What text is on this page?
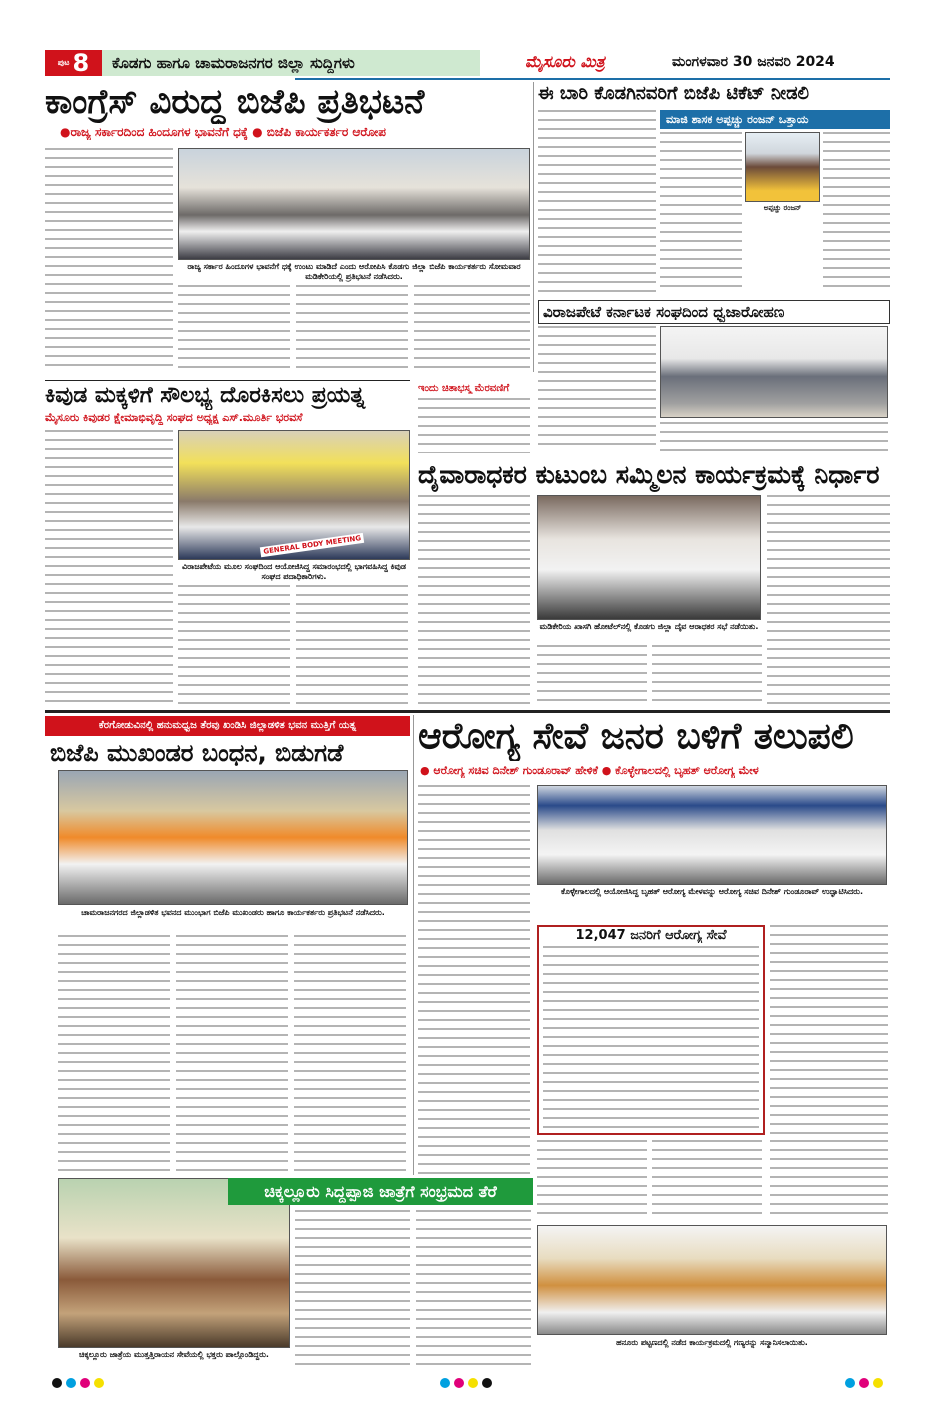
ಪುಟ 8	ಕೊಡಗು ಹಾಗೂ ಚಾಮರಾಜನಗರ ಜಿಲ್ಲಾ ಸುದ್ದಿಗಳು	ಮೈಸೂರು ಮಿತ್ರ	ಮಂಗಳವಾರ 30 ಜನವರಿ 2024
ಕಾಂಗ್ರೆಸ್ ವಿರುದ್ಧ ಬಿಜೆಪಿ ಪ್ರತಿಭಟನೆ
●ರಾಜ್ಯ ಸರ್ಕಾರದಿಂದ ಹಿಂದೂಗಳ ಭಾವನೆಗೆ ಧಕ್ಕೆ ● ಬಿಜೆಪಿ ಕಾರ್ಯಕರ್ತರ ಆರೋಪ
ರಾಜ್ಯ ಸರ್ಕಾರ ಹಿಂದೂಗಳ ಭಾವನೆಗೆ ಧಕ್ಕೆ ಉಂಟು ಮಾಡಿದೆ ಎಂದು ಆರೋಪಿಸಿ ಕೊಡಗು ಜಿಲ್ಲಾ ಬಿಜೆಪಿ ಕಾರ್ಯಕರ್ತರು ಸೋಮವಾರ ಮಡಿಕೇರಿಯಲ್ಲಿ ಪ್ರತಿಭಟನೆ ನಡೆಸಿದರು.
ಈ ಬಾರಿ ಕೊಡಗಿನವರಿಗೆ ಬಿಜೆಪಿ ಟಿಕೆಟ್ ನೀಡಲಿ
ಮಾಜಿ ಶಾಸಕ ಅಪ್ಪಚ್ಚು ರಂಜನ್ ಒತ್ತಾಯ
ಅಪ್ಪಚ್ಚು ರಂಜನ್
ವಿರಾಜಪೇಟೆ ಕರ್ನಾಟಕ ಸಂಘದಿಂದ ಧ್ವಜಾರೋಹಣ
ಕಿವುಡ ಮಕ್ಕಳಿಗೆ ಸೌಲಭ್ಯ ದೊರಕಿಸಲು ಪ್ರಯತ್ನ
ಮೈಸೂರು ಕಿವುಡರ ಕ್ಷೇಮಾಭಿವೃದ್ಧಿ ಸಂಘದ ಅಧ್ಯಕ್ಷ ಎಸ್.ಮೂರ್ತಿ ಭರವಸೆ
GENERAL BODY MEETING
ವಿರಾಜಪೇಟೆಯ ಮೂಲ ಸಂಘದಿಂದ ಆಯೋಜಿಸಿದ್ದ ಸಮಾರಂಭದಲ್ಲಿ ಭಾಗವಹಿಸಿದ್ದ ಕಿವುಡ ಸಂಘದ ಪದಾಧಿಕಾರಿಗಳು.
ಇಂದು ಚಿತಾಭಸ್ಮ ಮೆರವಣಿಗೆ
ದೈವಾರಾಧಕರ ಕುಟುಂಬ ಸಮ್ಮಿಲನ ಕಾರ್ಯಕ್ರಮಕ್ಕೆ ನಿರ್ಧಾರ
ಮಡಿಕೇರಿಯ ಖಾಸಗಿ ಹೋಟೆಲ್‌ನಲ್ಲಿ ಕೊಡಗು ಜಿಲ್ಲಾ ದೈವ ಆರಾಧಕರ ಸಭೆ ನಡೆಯಿತು.
ಕೆರಗೋಡುವಿನಲ್ಲಿ ಹನುಮಧ್ವಜ ತೆರವು ಖಂಡಿಸಿ ಜಿಲ್ಲಾಡಳಿತ ಭವನ ಮುತ್ತಿಗೆ ಯತ್ನ
ಬಿಜೆಪಿ ಮುಖಂಡರ ಬಂಧನ, ಬಿಡುಗಡೆ
ಚಾಮರಾಜನಗರದ ಜಿಲ್ಲಾಡಳಿತ ಭವನದ ಮುಂಭಾಗ ಬಿಜೆಪಿ ಮುಖಂಡರು ಹಾಗೂ ಕಾರ್ಯಕರ್ತರು ಪ್ರತಿಭಟನೆ ನಡೆಸಿದರು.
ಆರೋಗ್ಯ ಸೇವೆ ಜನರ ಬಳಿಗೆ ತಲುಪಲಿ
● ಆರೋಗ್ಯ ಸಚಿವ ದಿನೇಶ್ ಗುಂಡೂರಾವ್ ಹೇಳಿಕೆ ● ಕೊಳ್ಳೇಗಾಲದಲ್ಲಿ ಬೃಹತ್ ಆರೋಗ್ಯ ಮೇಳ
ಕೊಳ್ಳೇಗಾಲದಲ್ಲಿ ಆಯೋಜಿಸಿದ್ದ ಬೃಹತ್ ಆರೋಗ್ಯ ಮೇಳವನ್ನು ಆರೋಗ್ಯ ಸಚಿವ ದಿನೇಶ್ ಗುಂಡೂರಾವ್ ಉದ್ಘಾಟಿಸಿದರು.
12,047 ಜನರಿಗೆ ಆರೋಗ್ಯ ಸೇವೆ
ಚಿಕ್ಕಲ್ಲೂರು ಸಿದ್ದಪ್ಪಾಜಿ ಜಾತ್ರೆಗೆ ಸಂಭ್ರಮದ ತೆರೆ
ಚಿಕ್ಕಲ್ಲೂರು ಜಾತ್ರೆಯ ಮುತ್ತತ್ತಿರಾಯನ ಸೇವೆಯಲ್ಲಿ ಭಕ್ತರು ಪಾಲ್ಗೊಂಡಿದ್ದರು.
ಹನೂರು ಪಟ್ಟಣದಲ್ಲಿ ನಡೆದ ಕಾರ್ಯಕ್ರಮದಲ್ಲಿ ಗಣ್ಯರನ್ನು ಸನ್ಮಾನಿಸಲಾಯಿತು.
